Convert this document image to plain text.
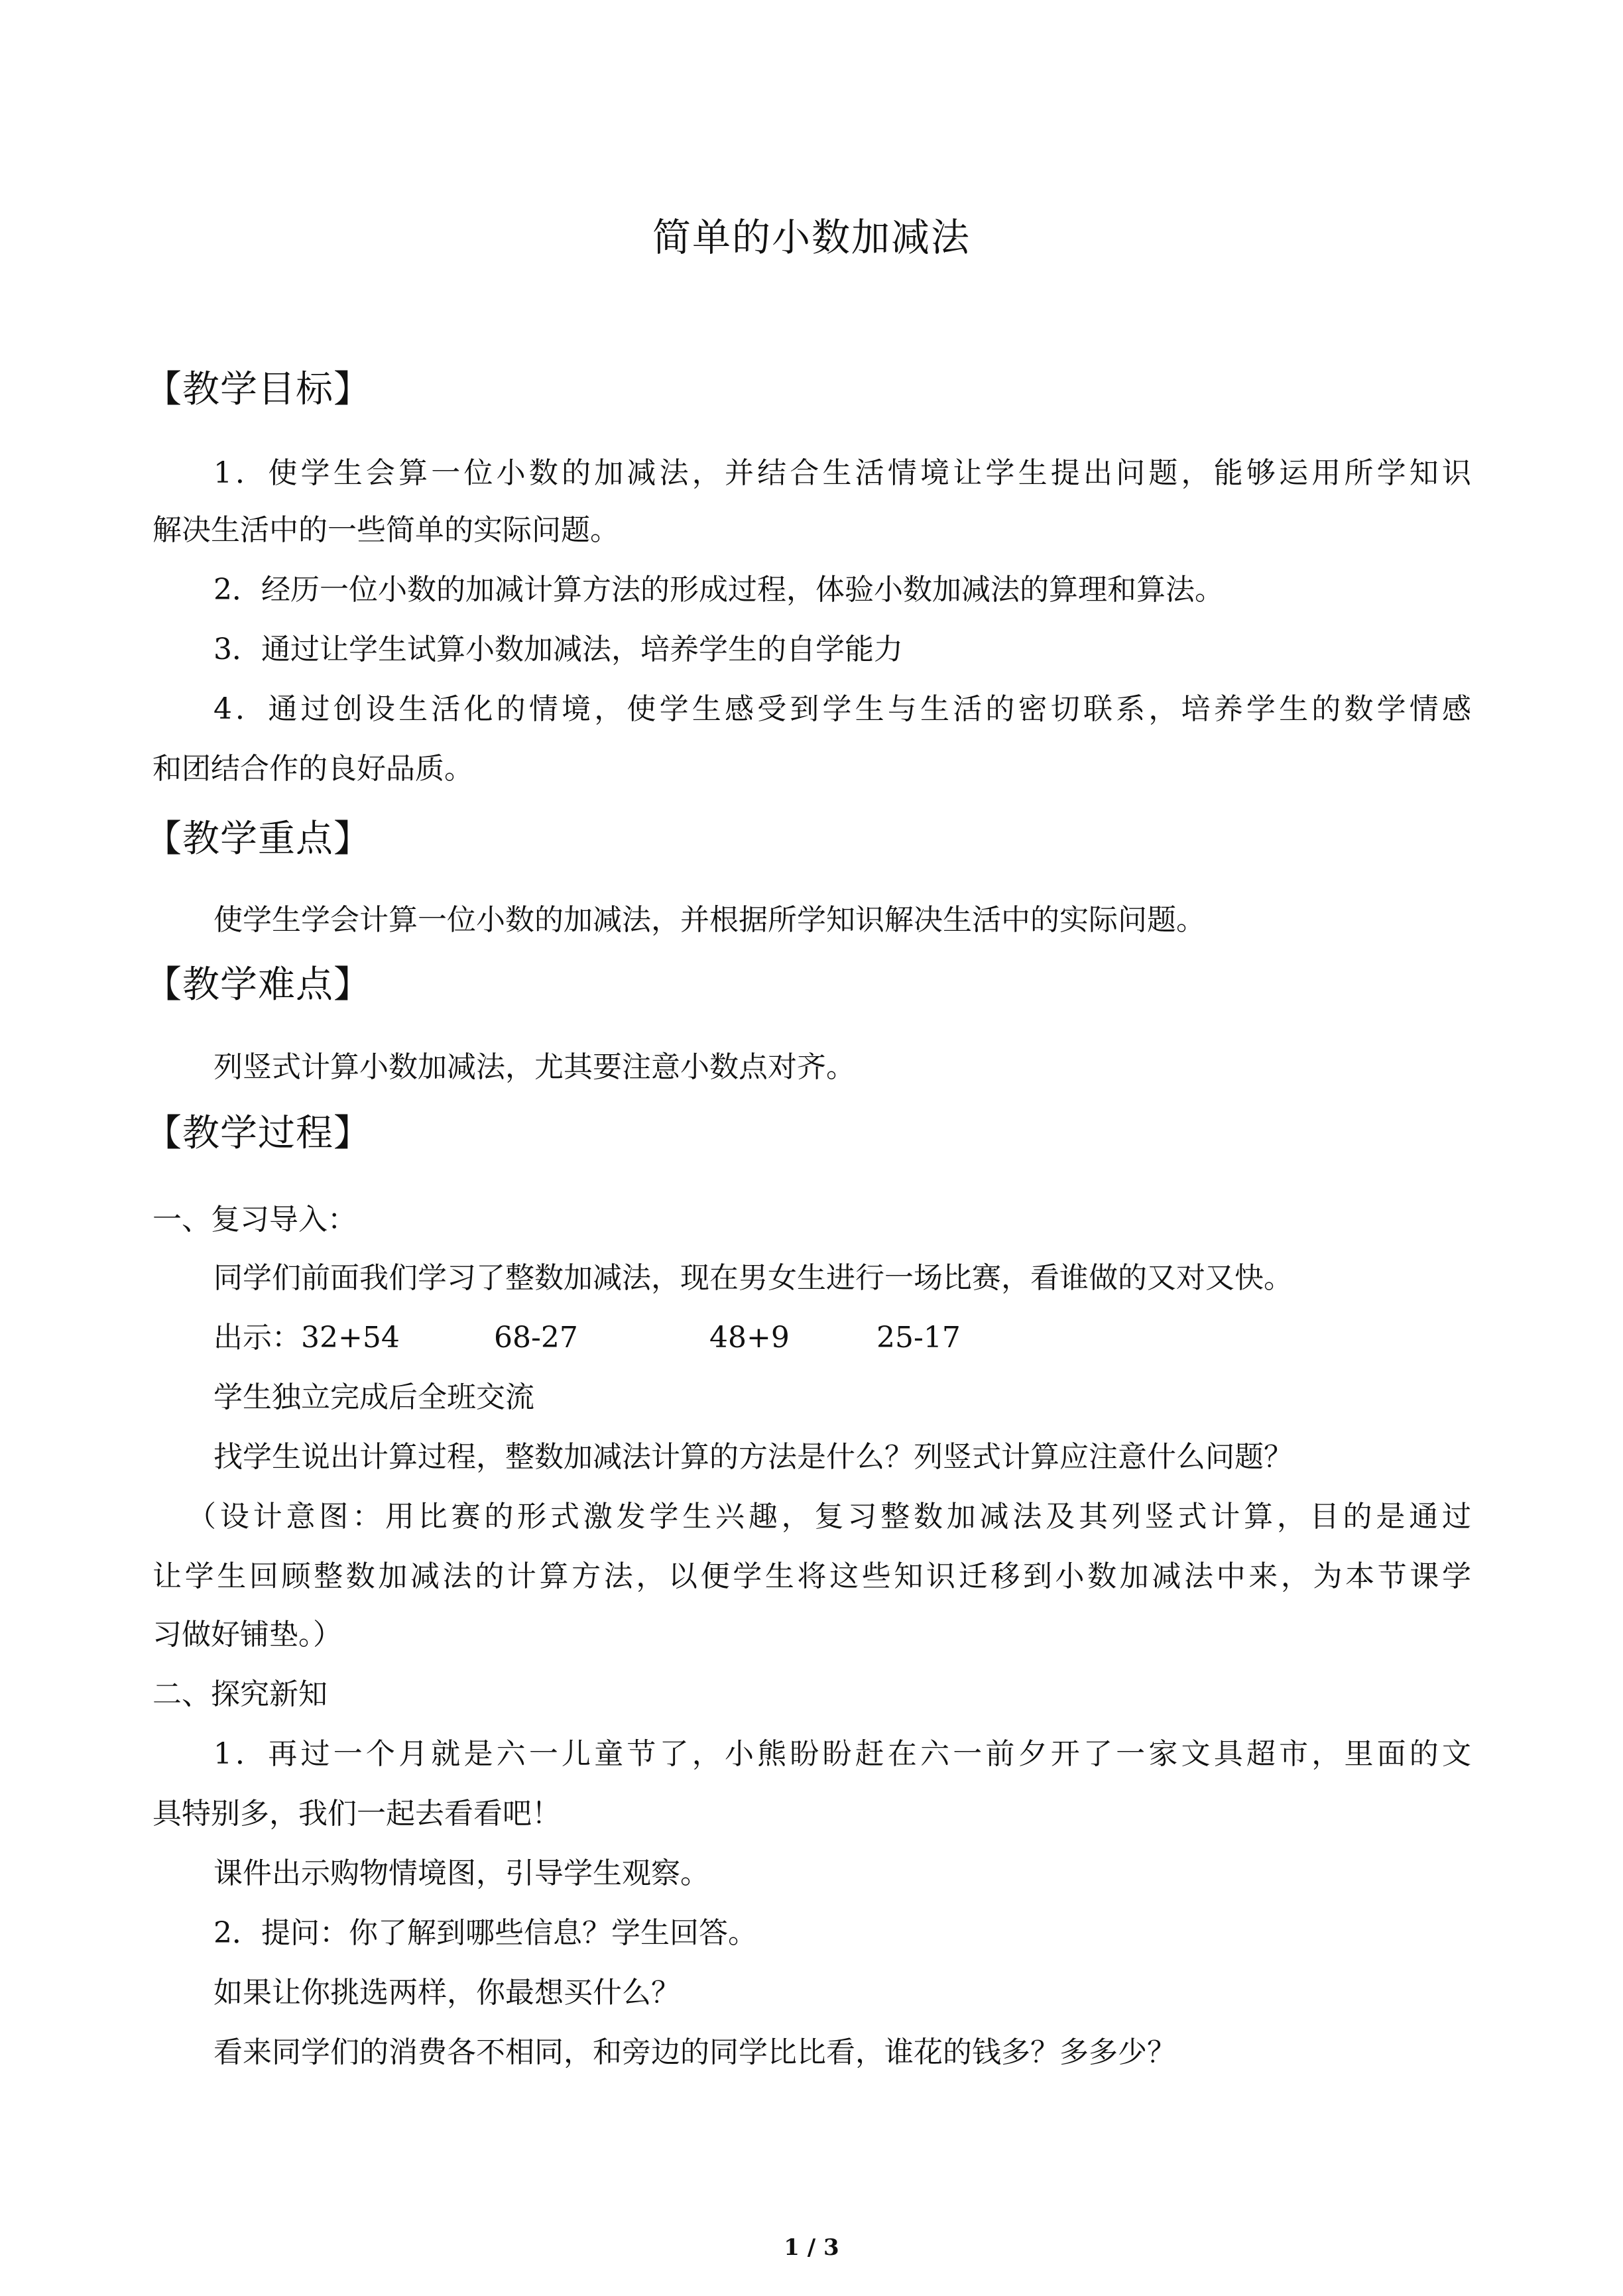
简单的小数加减法
【教学目标】
1．使学生会算一位小数的加减法，并结合生活情境让学生提出问题，能够运用所学知识
解决生活中的一些简单的实际问题。
2．经历一位小数的加减计算方法的形成过程，体验小数加减法的算理和算法。
3．通过让学生试算小数加减法，培养学生的自学能力
4．通过创设生活化的情境，使学生感受到学生与生活的密切联系，培养学生的数学情感
和团结合作的良好品质。
【教学重点】
使学生学会计算一位小数的加减法，并根据所学知识解决生活中的实际问题。
【教学难点】
列竖式计算小数加减法，尤其要注意小数点对齐。
【教学过程】
一、复习导入：
同学们前面我们学习了整数加减法，现在男女生进行一场比赛，看谁做的又对又快。
出示：32+54	68-27	48+9	25-17
学生独立完成后全班交流
找学生说出计算过程，整数加减法计算的方法是什么？列竖式计算应注意什么问题？
（设计意图：用比赛的形式激发学生兴趣，复习整数加减法及其列竖式计算，目的是通过
让学生回顾整数加减法的计算方法，以便学生将这些知识迁移到小数加减法中来，为本节课学
习做好铺垫。）
二、探究新知
1．再过一个月就是六一儿童节了，小熊盼盼赶在六一前夕开了一家文具超市，里面的文
具特别多，我们一起去看看吧！
课件出示购物情境图，引导学生观察。
2．提问：你了解到哪些信息？学生回答。
如果让你挑选两样，你最想买什么？
看来同学们的消费各不相同，和旁边的同学比比看，谁花的钱多？多多少？
1 / 3
